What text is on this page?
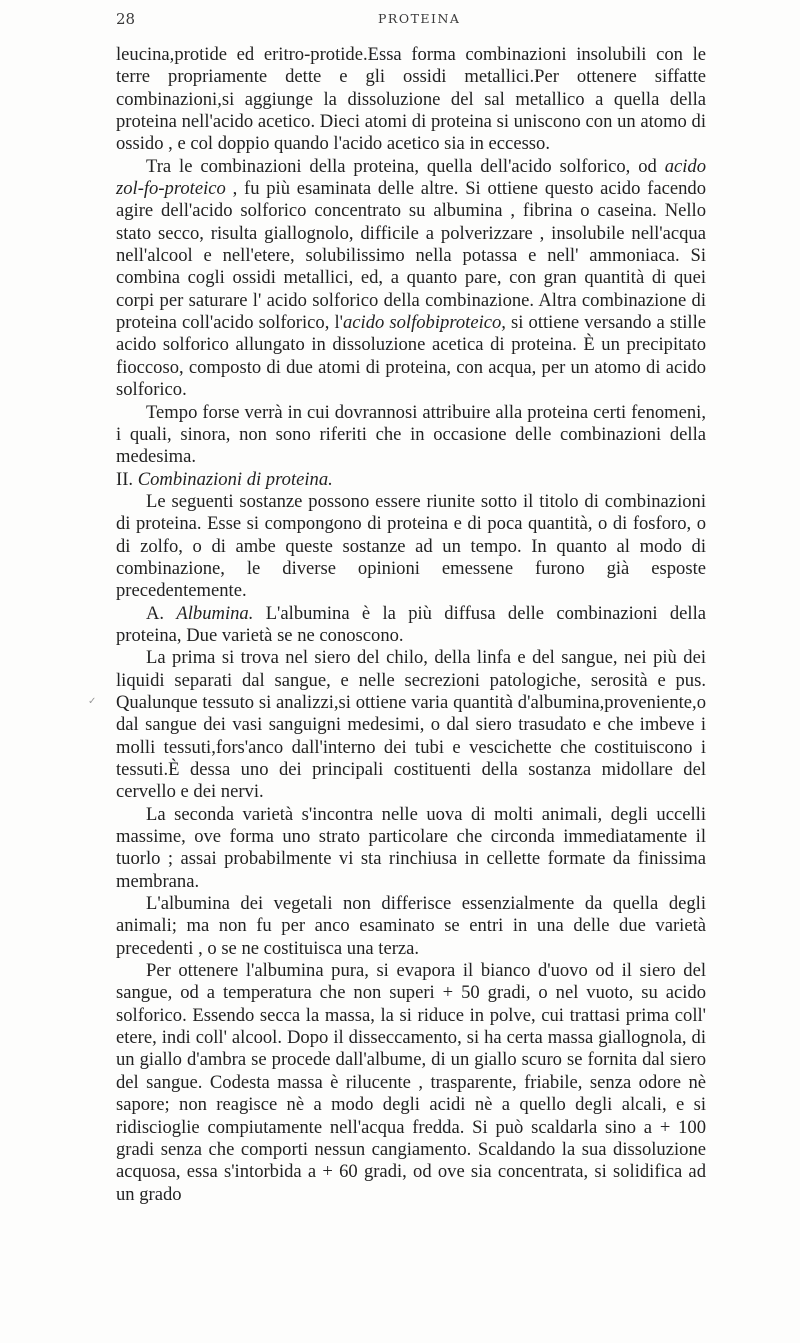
28	PROTEINA
✓

leucina,protide ed eritro-protide.Essa forma combinazioni insolubili con le terre propriamente dette e gli ossidi metallici.Per ottenere siffatte combinazioni,si aggiunge la dissoluzione del sal metallico a quella della proteina nell'acido acetico. Dieci atomi di proteina si uniscono con un atomo di ossido , e col doppio quando l'acido acetico sia in eccesso.

Tra le combinazioni della proteina, quella dell'acido solforico, od acido zol-fo-proteico , fu più esaminata delle altre. Si ottiene questo acido facendo agire dell'acido solforico concentrato su albumina , fibrina o caseina. Nello stato secco, risulta giallognolo, difficile a polverizzare , insolubile nell'acqua nell'alcool e nell'etere, solubilissimo nella potassa e nell' ammoniaca. Si combina cogli ossidi metallici, ed, a quanto pare, con gran quantità di quei corpi per saturare l' acido solforico della combinazione. Altra combinazione di proteina coll'acido solforico, l'acido solfobiproteico, si ottiene versando a stille acido solforico allungato in dissoluzione acetica di proteina. È un precipitato fioccoso, composto di due atomi di proteina, con acqua, per un atomo di acido solforico.

Tempo forse verrà in cui dovrannosi attribuire alla proteina certi fenomeni, i quali, sinora, non sono riferiti che in occasione delle combinazioni della medesima.

II. Combinazioni di proteina.

Le seguenti sostanze possono essere riunite sotto il titolo di combinazioni di proteina. Esse si compongono di proteina e di poca quantità, o di fosforo, o di zolfo, o di ambe queste sostanze ad un tempo. In quanto al modo di combinazione, le diverse opinioni emessene furono già esposte precedentemente.

A. Albumina. L'albumina è la più diffusa delle combinazioni della proteina, Due varietà se ne conoscono.

La prima si trova nel siero del chilo, della linfa e del sangue, nei più dei liquidi separati dal sangue, e nelle secrezioni patologiche, serosità e pus. Qualunque tessuto si analizzi,si ottiene varia quantità d'albumina,proveniente,o dal sangue dei vasi sanguigni medesimi, o dal siero trasudato e che imbeve i molli tessuti,fors'anco dall'interno dei tubi e vescichette che costituiscono i tessuti.È dessa uno dei principali costituenti della sostanza midollare del cervello e dei nervi.

La seconda varietà s'incontra nelle uova di molti animali, degli uccelli massime, ove forma uno strato particolare che circonda immediatamente il tuorlo ; assai probabilmente vi sta rinchiusa in cellette formate da finissima membrana.

L'albumina dei vegetali non differisce essenzialmente da quella degli animali; ma non fu per anco esaminato se entri in una delle due varietà precedenti , o se ne costituisca una terza.

Per ottenere l'albumina pura, si evapora il bianco d'uovo od il siero del sangue, od a temperatura che non superi + 50 gradi, o nel vuoto, su acido solforico. Essendo secca la massa, la si riduce in polve, cui trattasi prima coll' etere, indi coll' alcool. Dopo il disseccamento, si ha certa massa giallognola, di un giallo d'ambra se procede dall'albume, di un giallo scuro se fornita dal siero del sangue. Codesta massa è rilucente , trasparente, friabile, senza odore nè sapore; non reagisce nè a modo degli acidi nè a quello degli alcali, e si ridiscioglie compiutamente nell'acqua fredda. Si può scaldarla sino a + 100 gradi senza che comporti nessun cangiamento. Scaldando la sua dissoluzione acquosa, essa s'intorbida a + 60 gradi, od ove sia concentrata, si solidifica ad un grado
